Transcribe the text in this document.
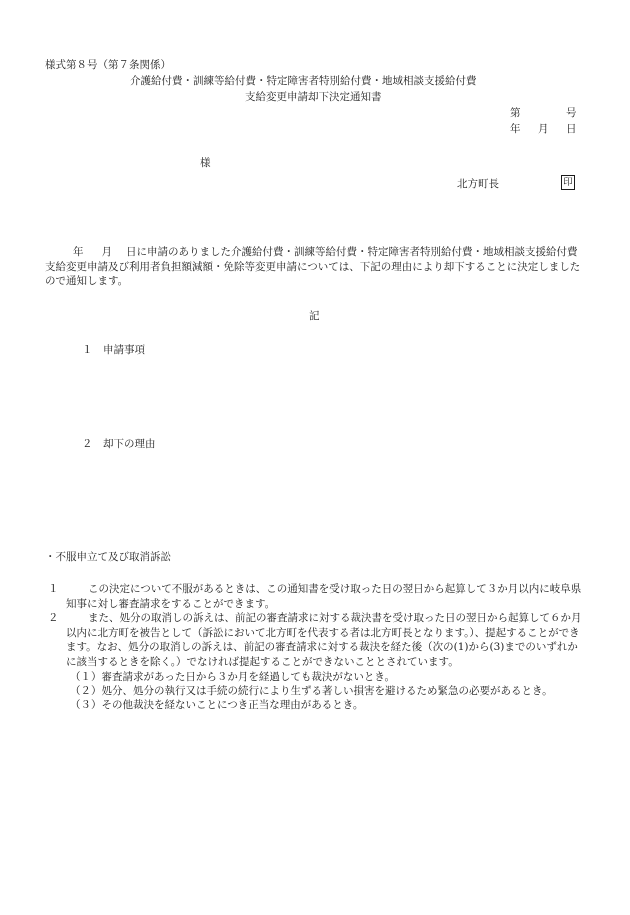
様式第８号（第７条関係）
介護給付費・訓練等給付費・特定障害者特別給付費・地域相談支援給付費
支給変更申請却下決定通知書
第	号
年 月 日
様
北方町長	印
年 月 日に申請のありました介護給付費・訓練等給付費・特定障害者特別給付費・地域相談支援給付費支給変更申請及び利用者負担額減額・免除等変更申請については、下記の理由により却下することに決定しましたので通知します。
記
１ 申請事項
２ 却下の理由
・不服申立て及び取消訴訟
１	この決定について不服があるときは、この通知書を受け取った日の翌日から起算して３か月以内に岐阜県知事に対し審査請求をすることができます。
２	また、処分の取消しの訴えは、前記の審査請求に対する裁決書を受け取った日の翌日から起算して６か月以内に北方町を被告として（訴訟において北方町を代表する者は北方町長となります。）、提起することができます。なお、処分の取消しの訴えは、前記の審査請求に対する裁決を経た後（次の(1)から(3)までのいずれかに該当するときを除く。）でなければ提起することができないこととされています。
（１）審査請求があった日から３か月を経過しても裁決がないとき。
（２）処分、処分の執行又は手続の続行により生ずる著しい損害を避けるため緊急の必要があるとき。
（３）その他裁決を経ないことにつき正当な理由があるとき。
